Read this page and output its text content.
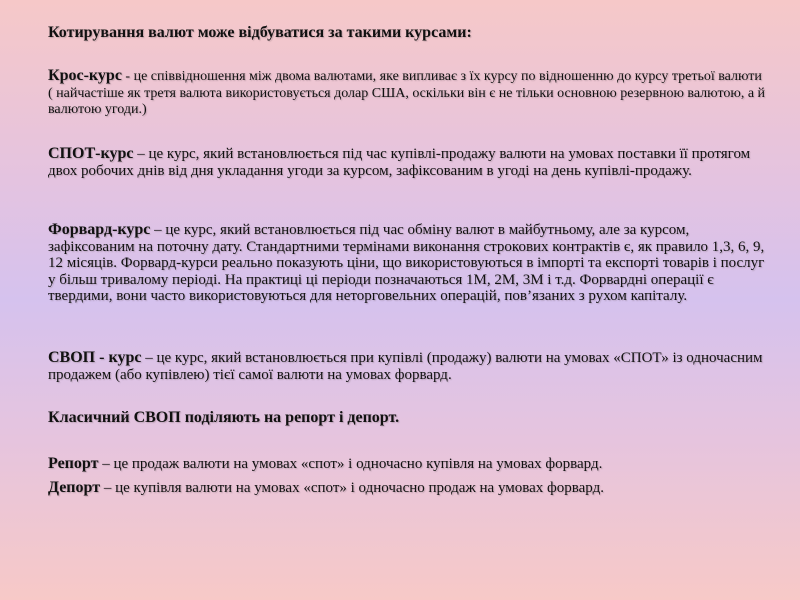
Котирування валют може відбуватися за такими курсами:
Крос-курс - це співвідношення між двома валютами, яке випливає з їх курсу по відношенню до курсу третьої валюти ( найчастіше як третя валюта використовується долар США, оскільки він є не тільки основною резервною валютою, а й валютою угоди.)
СПОТ-курс – це курс, який встановлюється під час купівлі-продажу валюти на умовах поставки її протягом двох робочих днів від дня укладання угоди за курсом, зафіксованим в угоді на день купівлі-продажу.
Форвард-курс – це курс, який встановлюється під час обміну валют в майбутньому, але за курсом, зафіксованим на поточну дату. Стандартними термінами виконання строкових контрактів є, як правило 1,3, 6, 9, 12 місяців. Форвард-курси реально показують ціни, що використовуються в імпорті та експорті товарів і послуг у більш тривалому періоді. На практиці ці періоди позначаються 1М, 2М, 3М і т.д. Форвардні операції є твердими, вони часто використовуються для неторговельних операцій, пов’язаних з рухом капіталу.
СВОП - курс – це курс, який встановлюється при купівлі (продажу) валюти на умовах «СПОТ» із одночасним продажем (або купівлею) тієї самої валюти на умовах форвард.
Класичний СВОП поділяють на репорт і депорт.
Репорт – це продаж валюти на умовах «спот» і одночасно купівля на умовах форвард.
Депорт – це купівля валюти на умовах «спот» і одночасно продаж на умовах форвард.
